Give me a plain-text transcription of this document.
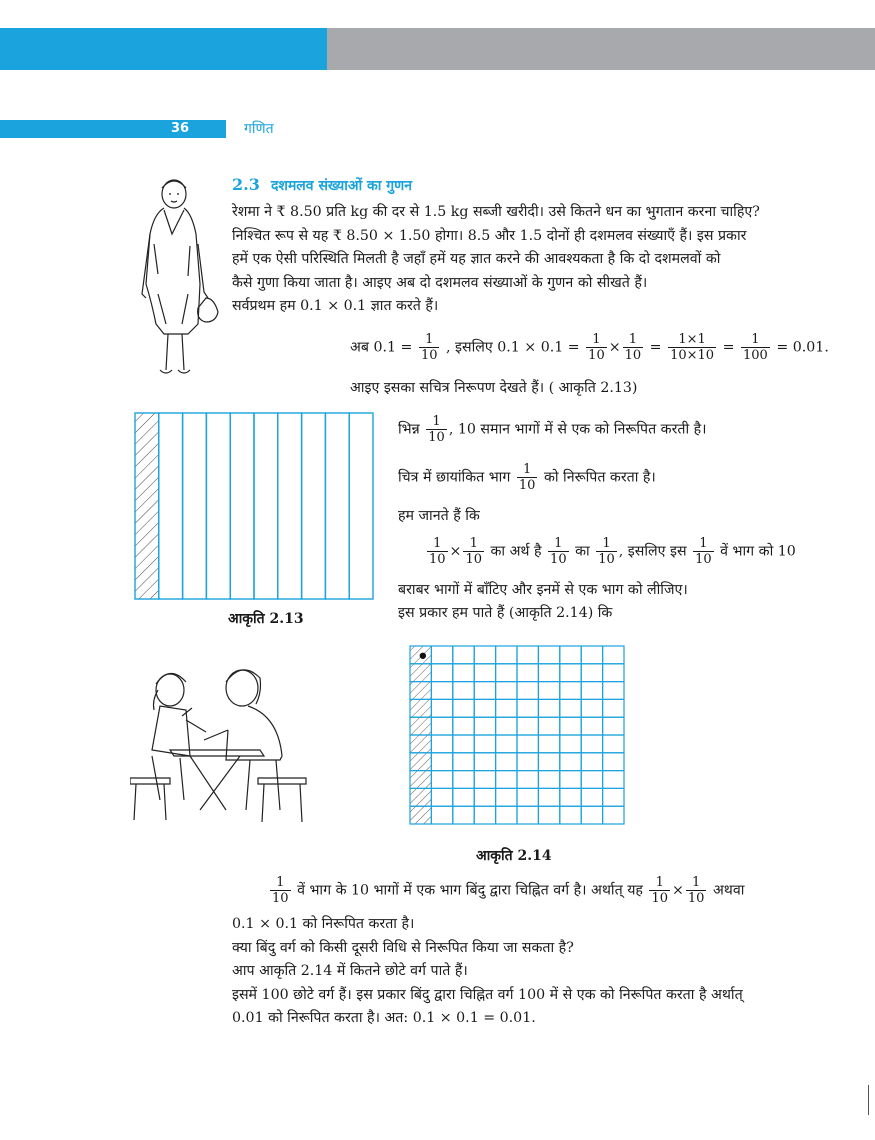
36	गणित
2.3 दशमलव संख्याओं का गुणन

रेशमा ने ₹ 8.50 प्रति kg की दर से 1.5 kg सब्जी खरीदी। उसे कितने धन का भुगतान करना चाहिए?

निश्चित रूप से यह ₹ 8.50 × 1.50 होगा। 8.5 और 1.5 दोनों ही दशमलव संख्याएँ हैं। इस प्रकार

हमें एक ऐसी परिस्थिति मिलती है जहाँ हमें यह ज्ञात करने की आवश्यकता है कि दो दशमलवों को

कैसे गुणा किया जाता है। आइए अब दो दशमलव संख्याओं के गुणन को सीखते हैं।

सर्वप्रथम हम 0.1 × 0.1 ज्ञात करते हैं।

अब $0.1 = \frac{1}{10}$ , इसलिए $0.1 \times 0.1 = \frac{1}{10} \times \frac{1}{10} = \frac{1\times 1}{10\times 10} = \frac{1}{100} = 0.01$.
आइए इसका सचित्र निरूपण देखते हैं। ( आकृति 2.13)
आकृति 2.13
भिन्न $\frac{1}{10}$ , 10 समान भागों में से एक को निरूपित करती है।
चित्र में छायांकित भाग $\frac{1}{10}$ को निरूपित करता है।
हम जानते हैं कि
$\frac{1}{10} \times \frac{1}{10}$ का अर्थ है $\frac{1}{10}$ का $\frac{1}{10}$ , इसलिए इस $\frac{1}{10}$ वें भाग को 10
बराबर भागों में बाँटिए और इनमें से एक भाग को लीजिए।
इस प्रकार हम पाते हैं (आकृति 2.14) कि
आकृति 2.14
$\frac{1}{10}$ वें भाग के 10 भागों में एक भाग बिंदु द्वारा चिह्नित वर्ग है। अर्थात् यह $\frac{1}{10} \times \frac{1}{10}$ अथवा

0.1 × 0.1 को निरूपित करता है।

क्या बिंदु वर्ग को किसी दूसरी विधि से निरूपित किया जा सकता है?

आप आकृति 2.14 में कितने छोटे वर्ग पाते हैं।

इसमें 100 छोटे वर्ग हैं। इस प्रकार बिंदु द्वारा चिह्नित वर्ग 100 में से एक को निरूपित करता है अर्थात्

0.01 को निरूपित करता है। अत: 0.1 × 0.1 = 0.01.
